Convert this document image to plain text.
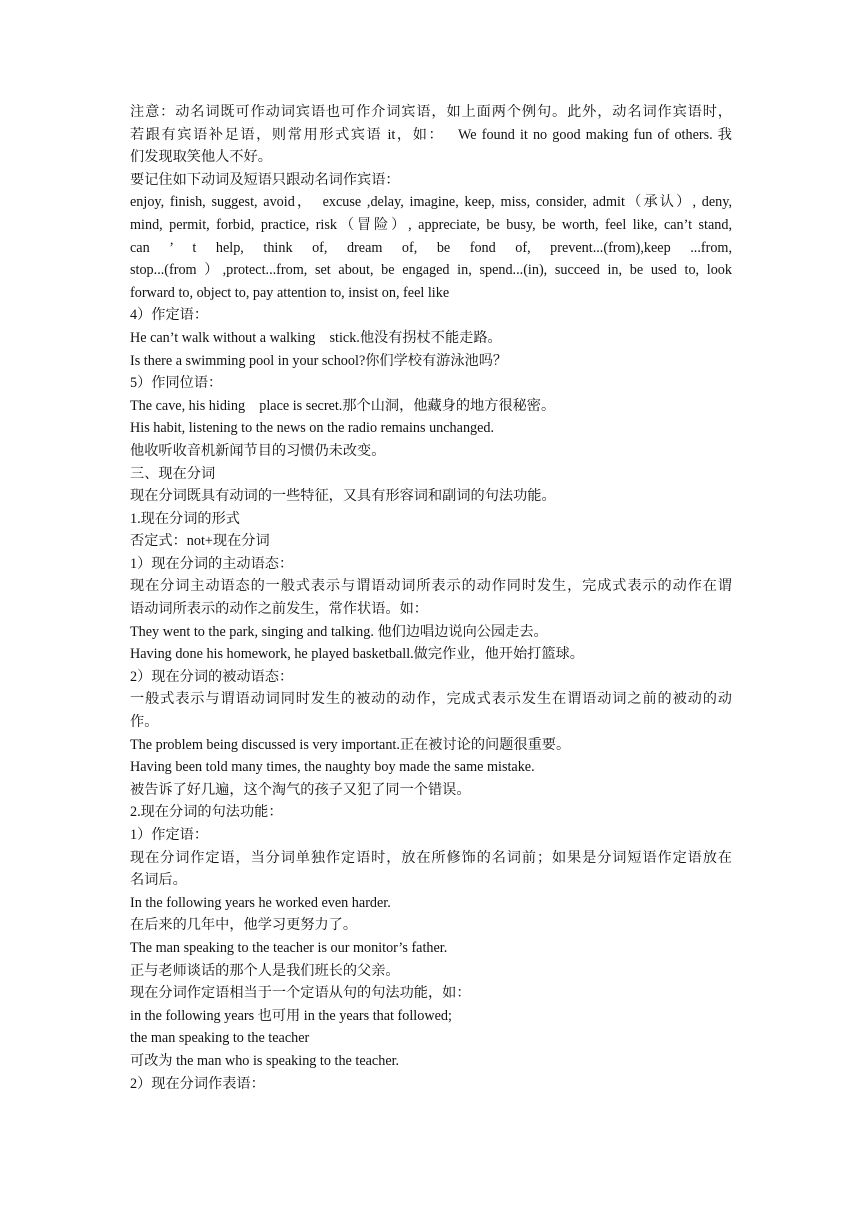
注意：动名词既可作动词宾语也可作介词宾语，如上面两个例句。此外，动名词作宾语时，
若跟有宾语补足语，则常用形式宾语 it，如：　 We found it no good making fun of others. 我
们发现取笑他人不好。
要记住如下动词及短语只跟动名词作宾语：
enjoy, finish, suggest, avoid，　excuse ,delay, imagine, keep, miss, consider, admit（承认）, deny,
mind, permit, forbid, practice, risk（冒险）, appreciate, be busy, be worth, feel like, can’t stand,
can ’ t help, think of, dream of, be fond of, prevent...(from),keep ...from,
stop...(from ）,protect...from, set about, be engaged in, spend...(in), succeed in, be used to, look
forward to, object to, pay attention to, insist on, feel like
4）作定语：
He can’t walk without a walking　stick.他没有拐杖不能走路。
Is there a swimming pool in your school?你们学校有游泳池吗？
5）作同位语：
The cave, his hiding　place is secret.那个山洞，他藏身的地方很秘密。
His habit, listening to the news on the radio remains unchanged.
他收听收音机新闻节目的习惯仍未改变。
三、现在分词
现在分词既具有动词的一些特征，又具有形容词和副词的句法功能。
1.现在分词的形式
否定式：not+现在分词
1）现在分词的主动语态：
现在分词主动语态的一般式表示与谓语动词所表示的动作同时发生，完成式表示的动作在谓
语动词所表示的动作之前发生，常作状语。如：
They went to the park, singing and talking. 他们边唱边说向公园走去。
Having done his homework, he played basketball.做完作业，他开始打篮球。
2）现在分词的被动语态：
一般式表示与谓语动词同时发生的被动的动作，完成式表示发生在谓语动词之前的被动的动
作。
The problem being discussed is very important.正在被讨论的问题很重要。
Having been told many times, the naughty boy made the same mistake.
被告诉了好几遍，这个淘气的孩子又犯了同一个错误。
2.现在分词的句法功能：
1）作定语：
现在分词作定语，当分词单独作定语时，放在所修饰的名词前；如果是分词短语作定语放在
名词后。
In the following years he worked even harder.
在后来的几年中，他学习更努力了。
The man speaking to the teacher is our monitor’s father.
正与老师谈话的那个人是我们班长的父亲。
现在分词作定语相当于一个定语从句的句法功能，如：
in the following years 也可用 in the years that followed;
the man speaking to the teacher
可改为 the man who is speaking to the teacher.
2）现在分词作表语：
